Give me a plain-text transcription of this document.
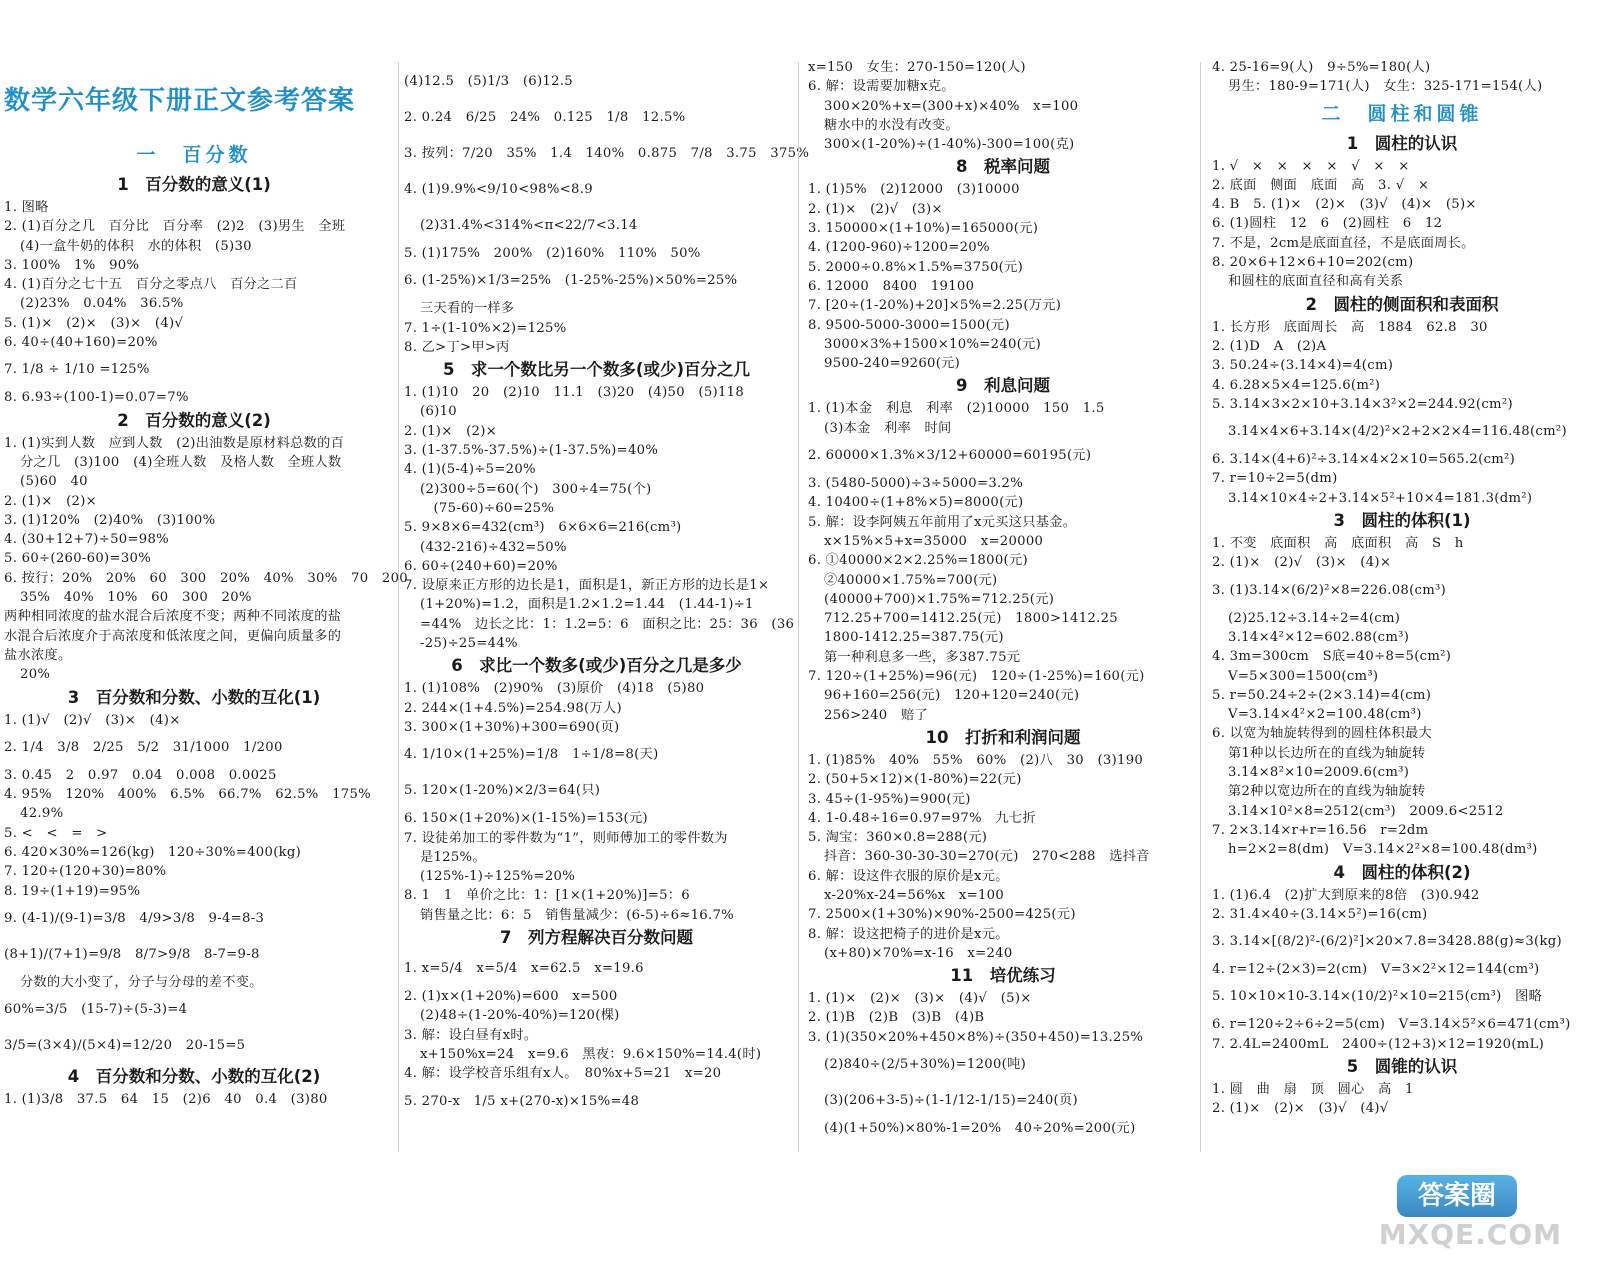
数学六年级下册正文参考答案
一　百分数
1　百分数的意义(1)
1. 图略
2. (1)百分之几　百分比　百分率　(2)2　(3)男生　全班
(4)一盒牛奶的体积　水的体积　(5)30
3. 100%　1%　90%
4. (1)百分之七十五　百分之零点八　百分之二百
(2)23%　0.04%　36.5%
5. (1)×　(2)×　(3)×　(4)√
6. 40÷(40+160)=20%
7. 1/8 ÷ 1/10 =125%
8. 6.93÷(100-1)=0.07=7%
2　百分数的意义(2)
1. (1)实到人数　应到人数　(2)出油数是原材料总数的百
分之几　(3)100　(4)全班人数　及格人数　全班人数
(5)60　40
2. (1)×　(2)×
3. (1)120%　(2)40%　(3)100%
4. (30+12+7)÷50=98%
5. 60÷(260-60)=30%
6. 按行：20%　20%　60　300　20%　40%　30%　70　200
35%　40%　10%　60　300　20%
两种相同浓度的盐水混合后浓度不变；两种不同浓度的盐
水混合后浓度介于高浓度和低浓度之间，更偏向质量多的
盐水浓度。
20%
3　百分数和分数、小数的互化(1)
1. (1)√　(2)√　(3)×　(4)×
2. 1/4　3/8　2/25　5/2　31/1000　1/200
3. 0.45　2　0.97　0.04　0.008　0.0025
4. 95%　120%　400%　6.5%　66.7%　62.5%　175%
42.9%
5. <　<　=　>
6. 420×30%=126(kg)　120÷30%=400(kg)
7. 120÷(120+30)=80%
8. 19÷(1+19)=95%
9. (4-1)/(9-1)=3/8　4/9>3/8　9-4=8-3
(8+1)/(7+1)=9/8　8/7>9/8　8-7=9-8
分数的大小变了，分子与分母的差不变。
60%=3/5　(15-7)÷(5-3)=4
3/5=(3×4)/(5×4)=12/20　20-15=5
4　百分数和分数、小数的互化(2)
1. (1)3/8　37.5　64　15　(2)6　40　0.4　(3)80
(4)12.5　(5)1/3　(6)12.5
2. 0.24　6/25　24%　0.125　1/8　12.5%
3. 按列：7/20　35%　1.4　140%　0.875　7/8　3.75　375%
4. (1)9.9%<9/10<98%<8.9
(2)31.4%<314%<π<22/7<3.14̇
5. (1)175%　200%　(2)160%　110%　50%
6. (1-25%)×1/3=25%　(1-25%-25%)×50%=25%
三天看的一样多
7. 1÷(1-10%×2)=125%
8. 乙>丁>甲>丙
5　求一个数比另一个数多(或少)百分之几
1. (1)10　20　(2)10　11.1　(3)20　(4)50　(5)118
(6)10
2. (1)×　(2)×
3. (1-37.5%-37.5%)÷(1-37.5%)=40%
4. (1)(5-4)÷5=20%
(2)300÷5=60(个)　300÷4=75(个)
　(75-60)÷60=25%
5. 9×8×6=432(cm³)　6×6×6=216(cm³)
(432-216)÷432=50%
6. 60÷(240+60)=20%
7. 设原来正方形的边长是1，面积是1，新正方形的边长是1×
(1+20%)=1.2，面积是1.2×1.2=1.44　(1.44-1)÷1
=44%　边长之比：1：1.2=5：6　面积之比：25：36　(36
-25)÷25=44%
6　求比一个数多(或少)百分之几是多少
1. (1)108%　(2)90%　(3)原价　(4)18　(5)80
2. 244×(1+4.5%)=254.98(万人)
3. 300×(1+30%)+300=690(页)
4. 1/10×(1+25%)=1/8　1÷1/8=8(天)
5. 120×(1-20%)×2/3=64(只)
6. 150×(1+20%)×(1-15%)=153(元)
7. 设徒弟加工的零件数为“1”，则师傅加工的零件数为
是125%。
(125%-1)÷125%=20%
8. 1　1　单价之比：1：[1×(1+20%)]=5：6
销售量之比：6：5　销售量减少：(6-5)÷6≈16.7%
7　列方程解决百分数问题
1. x=5/4　x=5/4　x=62.5　x=19.6
2. (1)x×(1+20%)=600　x=500
(2)48÷(1-20%-40%)=120(棵)
3. 解：设白昼有x时。
x+150%x=24　x=9.6　黑夜：9.6×150%=14.4(时)
4. 解：设学校音乐组有x人。　80%x+5=21　x=20
5. 270-x　1/5 x+(270-x)×15%=48
x=150　女生：270-150=120(人)
6. 解：设需要加糖x克。
300×20%+x=(300+x)×40%　x=100
糖水中的水没有改变。
300×(1-20%)÷(1-40%)-300=100(克)
8　税率问题
1. (1)5%　(2)12000　(3)10000
2. (1)×　(2)√　(3)×
3. 150000×(1+10%)=165000(元)
4. (1200-960)÷1200=20%
5. 2000÷0.8%×1.5%=3750(元)
6. 12000　8400　19100
7. [20÷(1-20%)+20]×5%=2.25(万元)
8. 9500-5000-3000=1500(元)
3000×3%+1500×10%=240(元)
9500-240=9260(元)
9　利息问题
1. (1)本金　利息　利率　(2)10000　150　1.5
(3)本金　利率　时间
2. 60000×1.3%×3/12+60000=60195(元)
3. (5480-5000)÷3÷5000=3.2%
4. 10400÷(1+8%×5)=8000(元)
5. 解：设李阿姨五年前用了x元买这只基金。
x×15%×5+x=35000　x=20000
6. ①40000×2×2.25%=1800(元)
②40000×1.75%=700(元)
(40000+700)×1.75%=712.25(元)
712.25+700=1412.25(元)　1800>1412.25
1800-1412.25=387.75(元)
第一种利息多一些，多387.75元
7. 120÷(1+25%)=96(元)　120÷(1-25%)=160(元)
96+160=256(元)　120+120=240(元)
256>240　赔了
10　打折和利润问题
1. (1)85%　40%　55%　60%　(2)八　30　(3)190
2. (50+5×12)×(1-80%)=22(元)
3. 45÷(1-95%)=900(元)
4. 1-0.48÷16=0.97=97%　九七折
5. 淘宝：360×0.8=288(元)
抖音：360-30-30-30=270(元)　270<288　选抖音
6. 解：设这件衣服的原价是x元。
x-20%x-24=56%x　x=100
7. 2500×(1+30%)×90%-2500=425(元)
8. 解：设这把椅子的进价是x元。
(x+80)×70%=x-16　x=240
11　培优练习
1. (1)×　(2)×　(3)×　(4)√　(5)×
2. (1)B　(2)B　(3)B　(4)B
3. (1)(350×20%+450×8%)÷(350+450)=13.25%
(2)840÷(2/5+30%)=1200(吨)
(3)(206+3-5)÷(1-1/12-1/15)=240(页)
(4)(1+50%)×80%-1=20%　40÷20%=200(元)
4. 25-16=9(人)　9÷5%=180(人)
男生：180-9=171(人)　女生：325-171=154(人)
二　圆柱和圆锥
1　圆柱的认识
1. √　×　×　×　×　√　×　×
2. 底面　侧面　底面　高　3. √　×
4. B　5. (1)×　(2)×　(3)√　(4)×　(5)×
6. (1)圆柱　12　6　(2)圆柱　6　12
7. 不是，2cm是底面直径，不是底面周长。
8. 20×6+12×6+10=202(cm)
和圆柱的底面直径和高有关系
2　圆柱的侧面积和表面积
1. 长方形　底面周长　高　1884　62.8　30
2. (1)D　A　(2)A
3. 50.24÷(3.14×4)=4(cm)
4. 6.28×5×4=125.6(m²)
5. 3.14×3×2×10+3.14×3²×2=244.92(cm²)
3.14×4×6+3.14×(4/2)²×2+2×2×4=116.48(cm²)
6. 3.14×(4+6)²÷3.14×4×2×10=565.2(cm²)
7. r=10÷2=5(dm)
3.14×10×4÷2+3.14×5²+10×4=181.3(dm²)
3　圆柱的体积(1)
1. 不变　底面积　高　底面积　高　S　h
2. (1)×　(2)√　(3)×　(4)×
3. (1)3.14×(6/2)²×8=226.08(cm³)
(2)25.12÷3.14÷2=4(cm)
3.14×4²×12=602.88(cm³)
4. 3m=300cm　S底=40÷8=5(cm²)
V=5×300=1500(cm³)
5. r=50.24÷2÷(2×3.14)=4(cm)
V=3.14×4²×2=100.48(cm³)
6. 以宽为轴旋转得到的圆柱体积最大
第1种以长边所在的直线为轴旋转
3.14×8²×10=2009.6(cm³)
第2种以宽边所在的直线为轴旋转
3.14×10²×8=2512(cm³)　2009.6<2512
7. 2×3.14×r+r=16.56　r=2dm
h=2×2=8(dm)　V=3.14×2²×8=100.48(dm³)
4　圆柱的体积(2)
1. (1)6.4　(2)扩大到原来的8倍　(3)0.942
2. 31.4×40÷(3.14×5²)=16(cm)
3. 3.14×[(8/2)²-(6/2)²]×20×7.8=3428.88(g)≈3(kg)
4. r=12÷(2×3)=2(cm)　V=3×2²×12=144(cm³)
5. 10×10×10-3.14×(10/2)²×10=215(cm³)　图略
6. r=120÷2÷6÷2=5(cm)　V=3.14×5²×6=471(cm³)
7. 2.4L=2400mL　2400÷(12+3)×12=1920(mL)
5　圆锥的认识
1. 圆　曲　扇　顶　圆心　高　1
2. (1)×　(2)×　(3)√　(4)√
答案圈
MXQE.COM
